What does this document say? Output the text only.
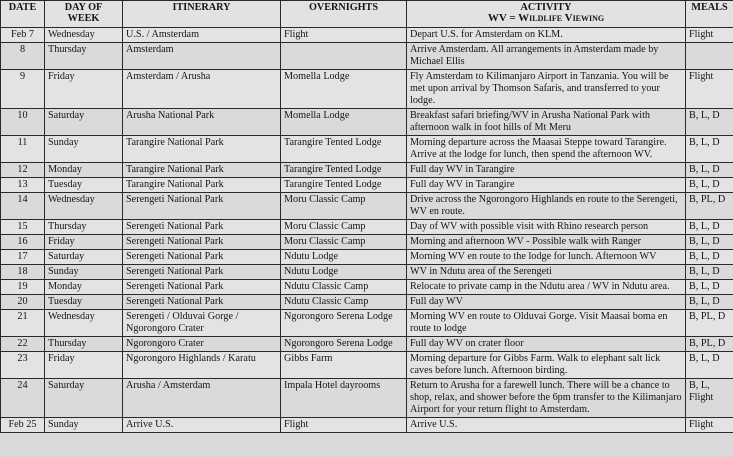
DATE	DAY OF WEEK	ITINERARY	OVERNIGHTS	ACTIVITY
WV = Wildlife Viewing	MEALS
Feb 7	Wednesday	U.S. / Amsterdam	Flight	Depart U.S. for Amsterdam on KLM.	Flight
8	Thursday	Amsterdam		Arrive Amsterdam. All arrangements in Amsterdam made by Michael Ellis	
9	Friday	Amsterdam / Arusha	Momella Lodge	Fly Amsterdam to Kilimanjaro Airport in Tanzania. You will be met upon arrival by Thomson Safaris, and transferred to your lodge.	Flight
10	Saturday	Arusha National Park	Momella Lodge	Breakfast safari briefing/WV in Arusha National Park with afternoon walk in foot hills of Mt Meru	B, L, D
11	Sunday	Tarangire National Park	Tarangire Tented Lodge	Morning departure across the Maasai Steppe toward Tarangire. Arrive at the lodge for lunch, then spend the afternoon WV.	B, L, D
12	Monday	Tarangire National Park	Tarangire Tented Lodge	Full day WV in Tarangire	B, L, D
13	Tuesday	Tarangire National Park	Tarangire Tented Lodge	Full day WV in Tarangire	B, L, D
14	Wednesday	Serengeti National Park	Moru Classic Camp	Drive across the Ngorongoro Highlands en route to the Serengeti, WV en route.	B, PL, D
15	Thursday	Serengeti National Park	Moru Classic Camp	Day of WV with possible visit with Rhino research person	B, L, D
16	Friday	Serengeti National Park	Moru Classic Camp	Morning and afternoon WV - Possible walk with Ranger	B, L, D
17	Saturday	Serengeti National Park	Ndutu Lodge	Morning WV en route to the lodge for lunch. Afternoon WV	B, L, D
18	Sunday	Serengeti National Park	Ndutu Lodge	WV in Ndutu area of the Serengeti	B, L, D
19	Monday	Serengeti National Park	Ndutu Classic Camp	Relocate to private camp in the Ndutu area / WV in Ndutu area.	B, L, D
20	Tuesday	Serengeti National Park	Ndutu Classic Camp	Full day WV	B, L, D
21	Wednesday	Serengeti / Olduvai Gorge / Ngorongoro Crater	Ngorongoro Serena Lodge	Morning WV en route to Olduvai Gorge. Visit Maasai boma en route to lodge	B, PL, D
22	Thursday	Ngorongoro Crater	Ngorongoro Serena Lodge	Full day WV on crater floor	B, PL, D
23	Friday	Ngorongoro Highlands / Karatu	Gibbs Farm	Morning departure for Gibbs Farm. Walk to elephant salt lick caves before lunch. Afternoon birding.	B, L, D
24	Saturday	Arusha / Amsterdam	Impala Hotel dayrooms	Return to Arusha for a farewell lunch. There will be a chance to shop, relax, and shower before the 6pm transfer to the Kilimanjaro Airport for your return flight to Amsterdam.	B, L, Flight
Feb 25	Sunday	Arrive U.S.	Flight	Arrive U.S.	Flight
